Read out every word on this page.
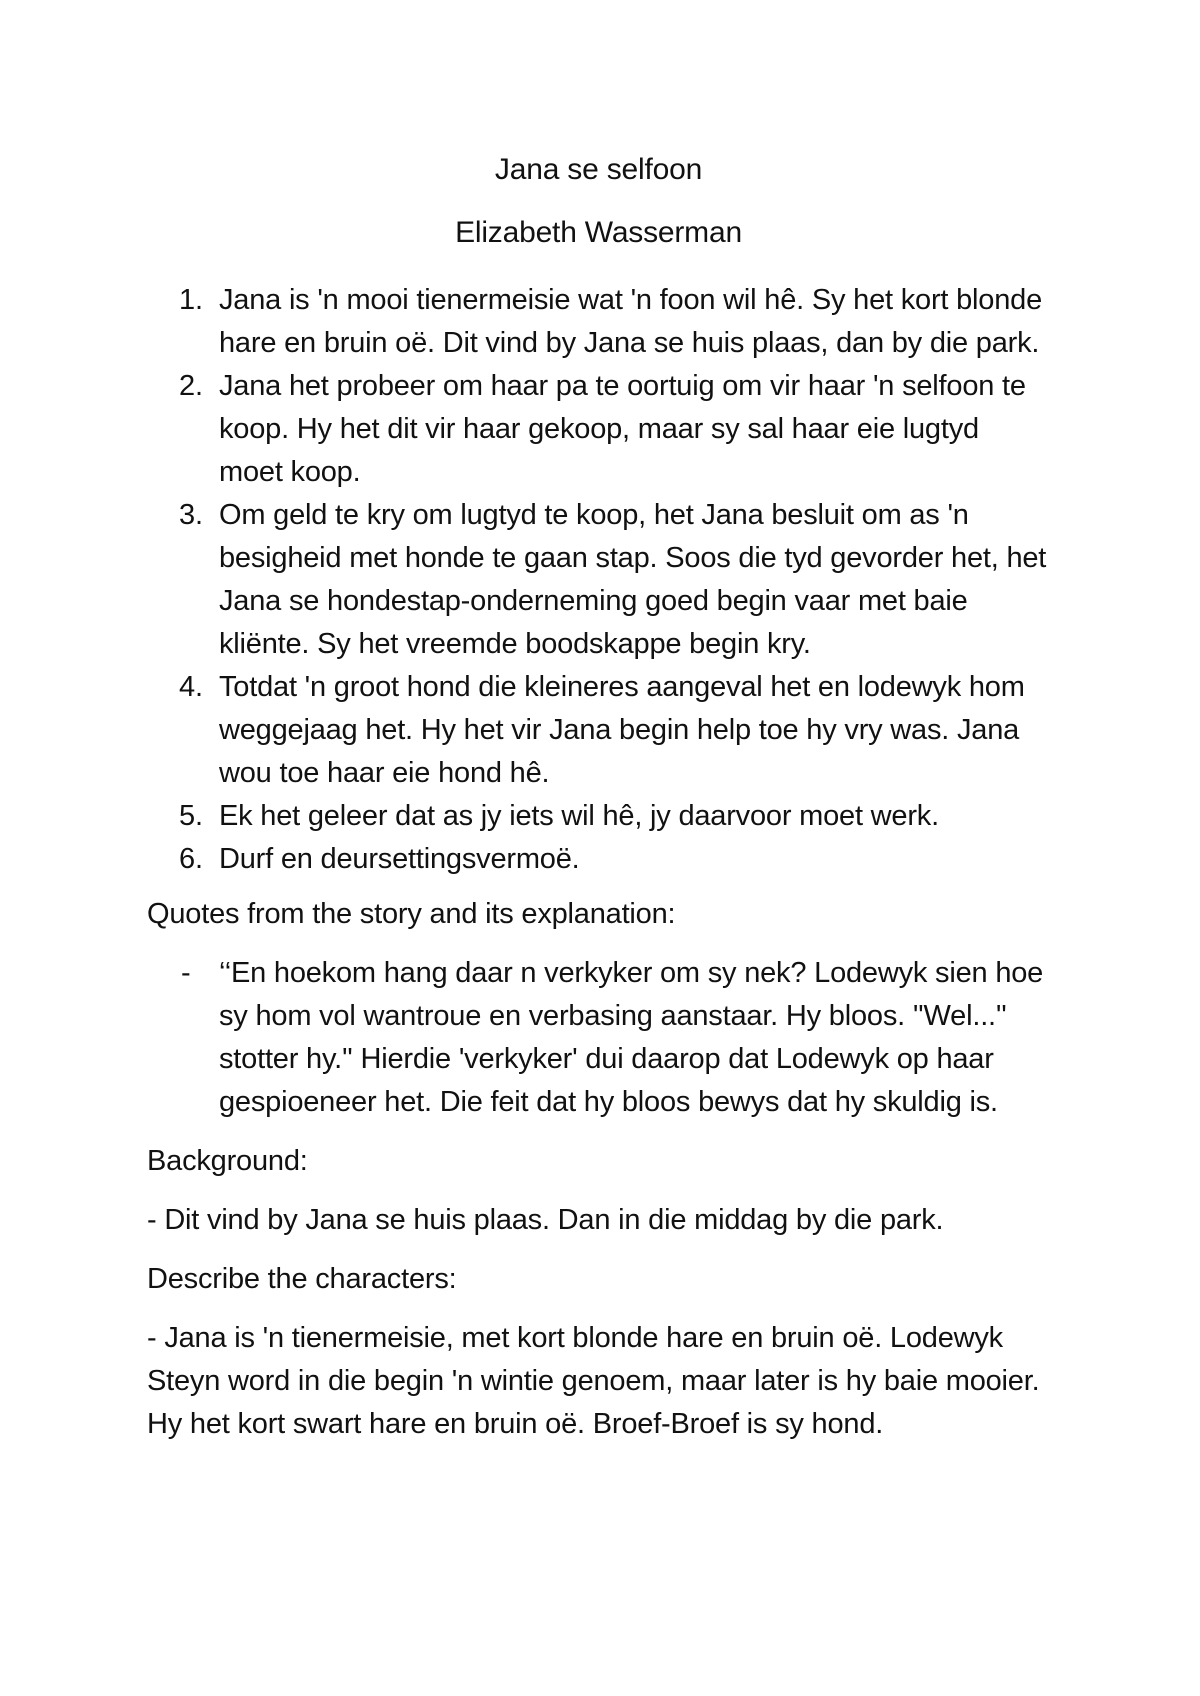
Jana se selfoon
Elizabeth Wasserman
Jana is 'n mooi tienermeisie wat 'n foon wil hê. Sy het kort blonde hare en bruin oë. Dit vind by Jana se huis plaas, dan by die park.
Jana het probeer om haar pa te oortuig om vir haar 'n selfoon te koop. Hy het dit vir haar gekoop, maar sy sal haar eie lugtyd moet koop.
Om geld te kry om lugtyd te koop, het Jana besluit om as 'n besigheid met honde te gaan stap. Soos die tyd gevorder het, het Jana se hondestap-onderneming goed begin vaar met baie kliënte. Sy het vreemde boodskappe begin kry.
Totdat 'n groot hond die kleineres aangeval het en lodewyk hom weggejaag het. Hy het vir Jana begin help toe hy vry was. Jana wou toe haar eie hond hê.
Ek het geleer dat as jy iets wil hê, jy daarvoor moet werk.
Durf en deursettingsvermoë.

Quotes from the story and its explanation:

- ‘‘En hoekom hang daar n verkyker om sy nek? Lodewyk sien hoe sy hom vol wantroue en verbasing aanstaar. Hy bloos. ''Wel...'' stotter hy.'' Hierdie 'verkyker' dui daarop dat Lodewyk op haar gespioeneer het. Die feit dat hy bloos bewys dat hy skuldig is.

Background:

- Dit vind by Jana se huis plaas. Dan in die middag by die park.

Describe the characters:

- Jana is 'n tienermeisie, met kort blonde hare en bruin oë. Lodewyk Steyn word in die begin 'n wintie genoem, maar later is hy baie mooier. Hy het kort swart hare en bruin oë. Broef-Broef is sy hond.
